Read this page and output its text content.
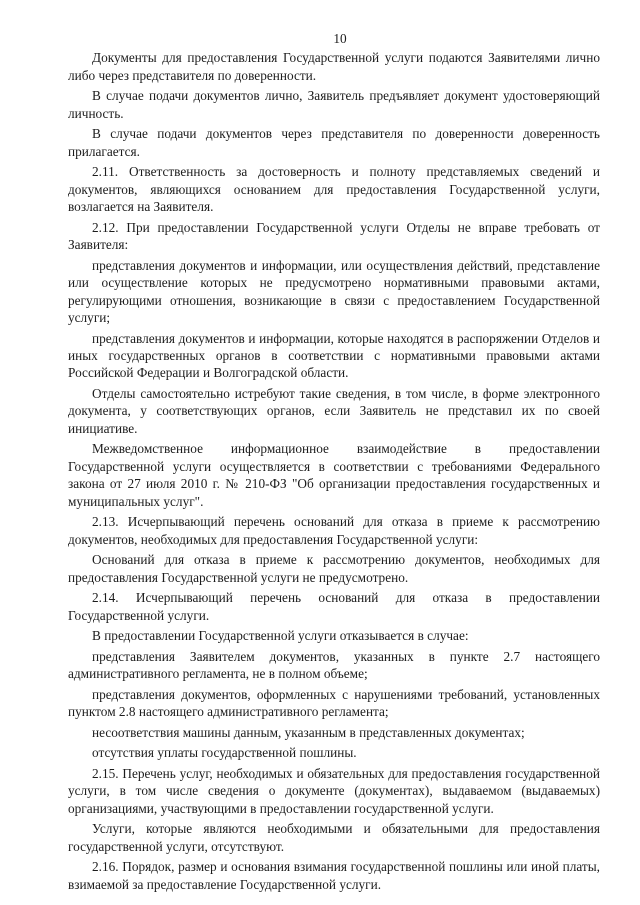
10

Документы для предоставления Государственной услуги подаются Заявителями лично либо через представителя по доверенности.

В случае подачи документов лично, Заявитель предъявляет документ удостоверяющий личность.

В случае подачи документов через представителя по доверенности доверенность прилагается.

2.11. Ответственность за достоверность и полноту представляемых сведений и документов, являющихся основанием для предоставления Государственной услуги, возлагается на Заявителя.

2.12. При предоставлении Государственной услуги Отделы не вправе требовать от Заявителя:

представления документов и информации, или осуществления действий, представление или осуществление которых не предусмотрено нормативными правовыми актами, регулирующими отношения, возникающие в связи с предоставлением Государственной услуги;

представления документов и информации, которые находятся в распоряжении Отделов и иных государственных органов в соответствии с нормативными правовыми актами Российской Федерации и Волгоградской области.

Отделы самостоятельно истребуют такие сведения, в том числе, в форме электронного документа, у соответствующих органов, если Заявитель не представил их по своей инициативе.

Межведомственное информационное взаимодействие в предоставлении Государственной услуги осуществляется в соответствии с требованиями Федерального закона от 27 июля 2010 г. № 210-ФЗ "Об организации предоставления государственных и муниципальных услуг".

2.13. Исчерпывающий перечень оснований для отказа в приеме к рассмотрению документов, необходимых для предоставления Государственной услуги:

Оснований для отказа в приеме к рассмотрению документов, необходимых для предоставления Государственной услуги не предусмотрено.

2.14. Исчерпывающий перечень оснований для отказа в предоставлении Государственной услуги.

В предоставлении Государственной услуги отказывается в случае:

представления Заявителем документов, указанных в пункте 2.7 настоящего административного регламента, не в полном объеме;

представления документов, оформленных с нарушениями требований, установленных пунктом 2.8 настоящего административного регламента;

несоответствия машины данным, указанным в представленных документах;

отсутствия уплаты государственной пошлины.

2.15. Перечень услуг, необходимых и обязательных для предоставления государственной услуги, в том числе сведения о документе (документах), выдаваемом (выдаваемых) организациями, участвующими в предоставлении государственной услуги.

Услуги, которые являются необходимыми и обязательными для предоставления государственной услуги, отсутствуют.

2.16. Порядок, размер и основания взимания государственной пошлины или иной платы, взимаемой за предоставление Государственной услуги.
